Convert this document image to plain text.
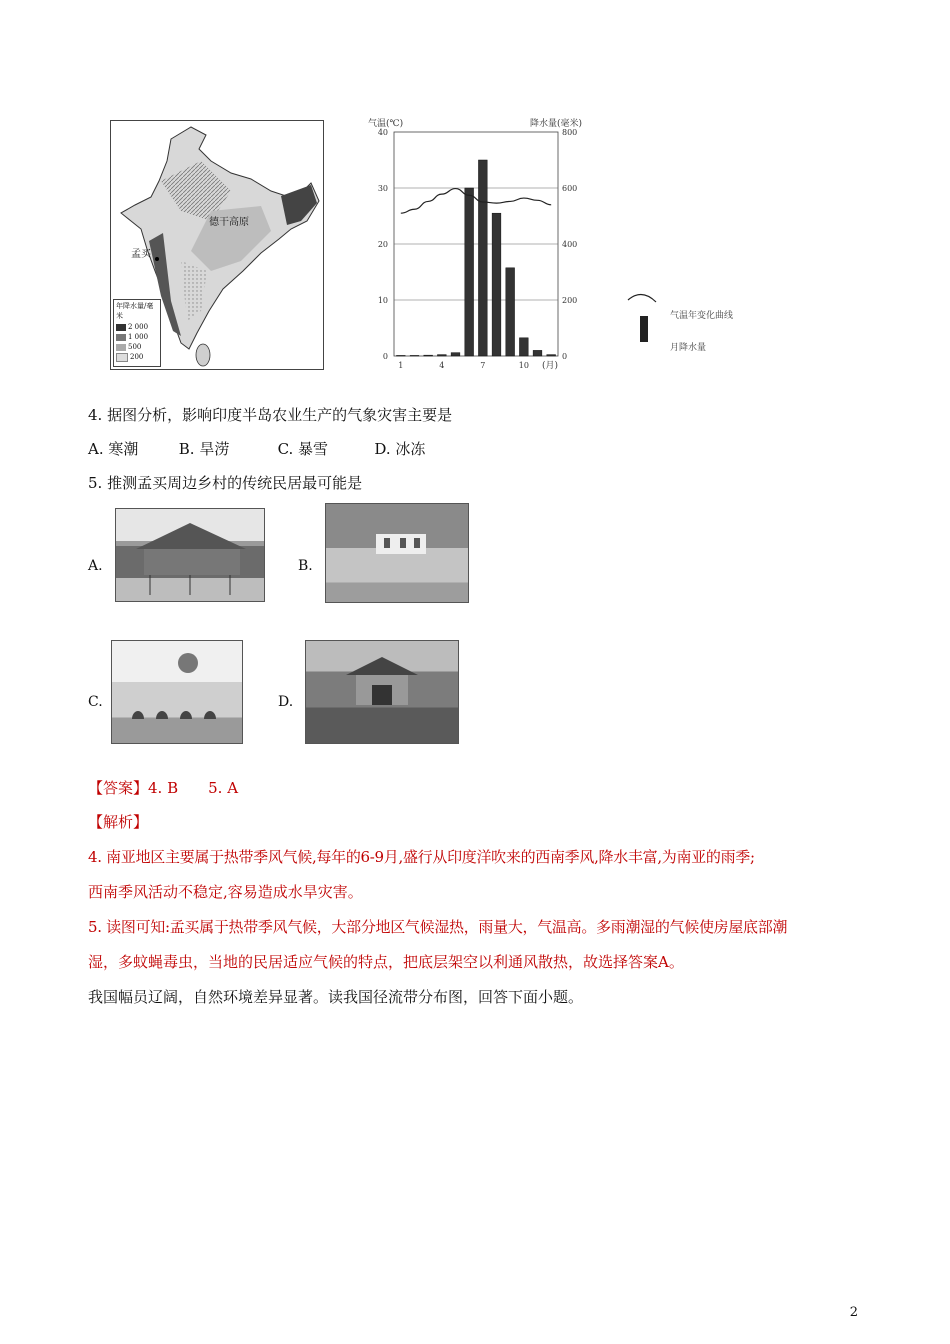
德干高原
孟买
年降水量/毫米
2 000
1 000
500
200	0
10
20
30
40
0
200
400
600
800
1	4	7	10
气温(℃)	降水量(毫米)
(月)
气温年变化曲线
月降水量
4. 据图分析，影响印度半岛农业生产的气象灾害主要是
A. 寒潮	B. 旱涝	C. 暴雪	D. 冰冻
5. 推测孟买周边乡村的传统民居最可能是
A.	B.
C.	D.
【答案】4. B　　5. A
【解析】
4. 南亚地区主要属于热带季风气候,每年的6-9月,盛行从印度洋吹来的西南季风,降水丰富,为南亚的雨季;
西南季风活动不稳定,容易造成水旱灾害。
5. 读图可知:孟买属于热带季风气候，大部分地区气候湿热，雨量大，气温高。多雨潮湿的气候使房屋底部潮
湿，多蚊蝇毒虫，当地的民居适应气候的特点，把底层架空以利通风散热，故选择答案A。
我国幅员辽阔，自然环境差异显著。读我国径流带分布图，回答下面小题。
2
